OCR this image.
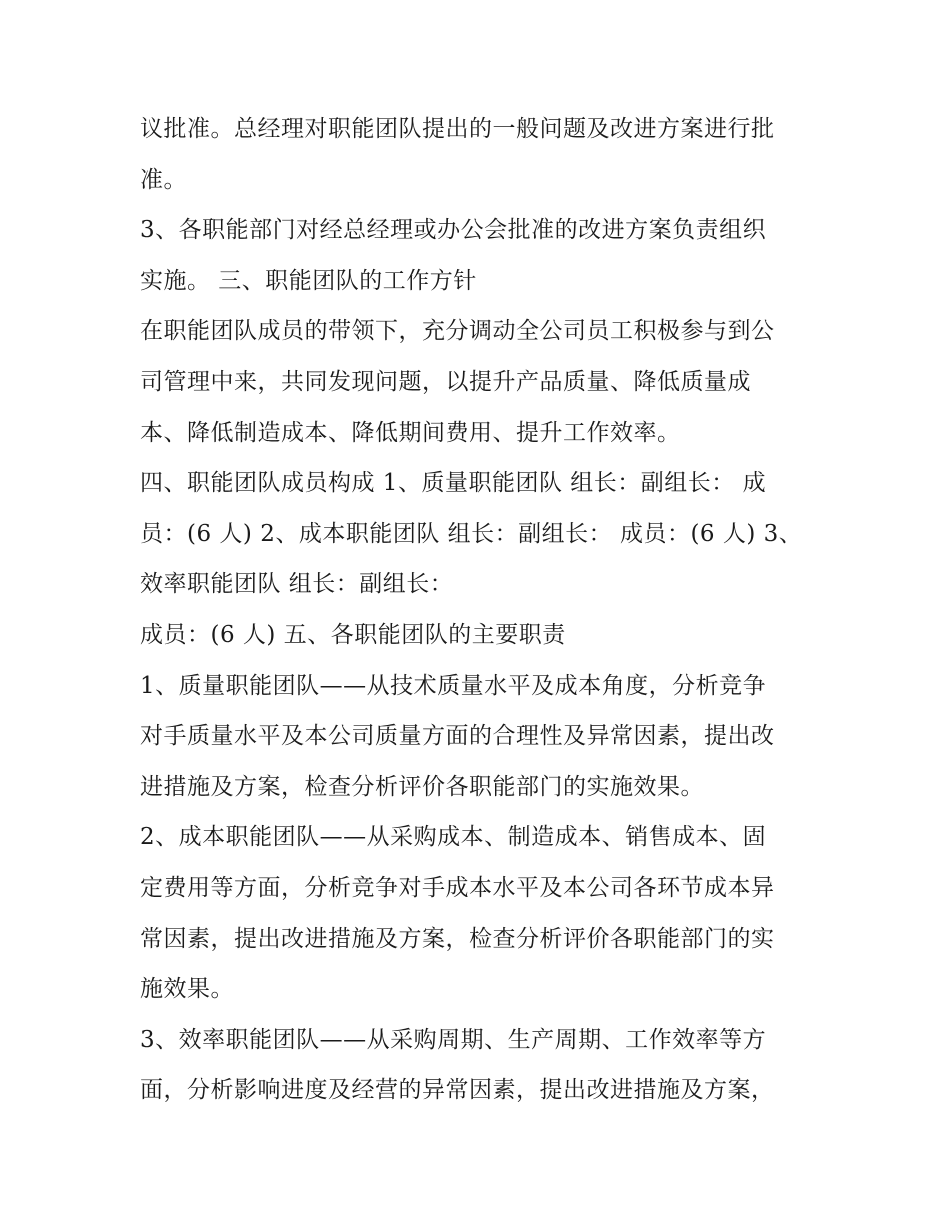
议批准。总经理对职能团队提出的一般问题及改进方案进行批
准。
3、各职能部门对经总经理或办公会批准的改进方案负责组织
实施。 三、职能团队的工作方针
在职能团队成员的带领下，充分调动全公司员工积极参与到公
司管理中来，共同发现问题，以提升产品质量、降低质量成
本、降低制造成本、降低期间费用、提升工作效率。
四、职能团队成员构成 1、质量职能团队 组长：副组长： 成
员：(6 人) 2、成本职能团队 组长：副组长： 成员：(6 人) 3、
效率职能团队 组长：副组长：
成员：(6 人) 五、各职能团队的主要职责
1、质量职能团队——从技术质量水平及成本角度，分析竞争
对手质量水平及本公司质量方面的合理性及异常因素，提出改
进措施及方案，检查分析评价各职能部门的实施效果。
2、成本职能团队——从采购成本、制造成本、销售成本、固
定费用等方面，分析竞争对手成本水平及本公司各环节成本异
常因素，提出改进措施及方案，检查分析评价各职能部门的实
施效果。
3、效率职能团队——从采购周期、生产周期、工作效率等方
面，分析影响进度及经营的异常因素，提出改进措施及方案，
